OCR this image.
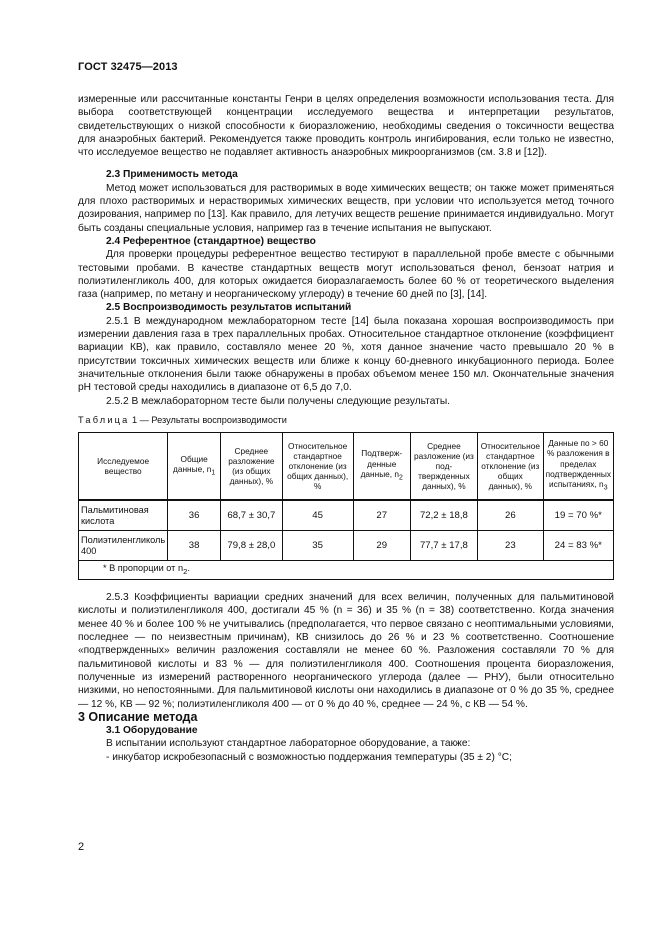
ГОСТ 32475—2013

измеренные или рассчитанные константы Генри в целях определения возможности использования теста. Для выбора соответствующей концентрации исследуемого вещества и интерпретации результатов, свидетельствующих о низкой способности к биоразложению, необходимы сведения о токсичности вещества для анаэробных бактерий. Рекомендуется также проводить контроль ингибирования, если только не известно, что исследуемое вещество не подавляет активность анаэробных микроорганизмов (см. 3.8 и [12]).

2.3 Применимость метода

Метод может использоваться для растворимых в воде химических веществ; он также может применяться для плохо растворимых и нерастворимых химических веществ, при условии что используется метод точного дозирования, например по [13]. Как правило, для летучих веществ решение принимается индивидуально. Могут быть созданы специальные условия, например газ в течение испытания не выпускают.

2.4 Референтное (стандартное) вещество

Для проверки процедуры референтное вещество тестируют в параллельной пробе вместе с обычными тестовыми пробами. В качестве стандартных веществ могут использоваться фенол, бензоат натрия и полиэтиленгликоль 400, для которых ожидается биоразлагаемость более 60 % от теоретического выделения газа (например, по метану и неорганическому углероду) в течение 60 дней по [3], [14].

2.5 Воспроизводимость результатов испытаний

2.5.1 В международном межлабораторном тесте [14] была показана хорошая воспроизводимость при измерении давления газа в трех параллельных пробах. Относительное стандартное отклонение (коэффициент вариации КВ), как правило, составляло менее 20 %, хотя данное значение часто превышало 20 % в присутствии токсичных химических веществ или ближе к концу 60-дневного инкубационного периода. Более значительные отклонения были также обнаружены в пробах объемом менее 150 мл. Окончательные значения pH тестовой среды находились в диапазоне от 6,5 до 7,0.

2.5.2 В межлабораторном тесте были получены следующие результаты.

Таблица 1 — Результаты воспроизводимости
Исследуемое вещество	Общие данные, $n_1$	Среднее разложение (из общих данных), %	Относительное стандартное отклонение (из общих данных), %	Подтверж-денные данные, $n_2$	Среднее разложение (из под-твержденных данных), %	Относительное стандартное отклонение (из общих данных), %	Данные по > 60 % разложения в пределах подтвержденных испытаниях, $n_3$
Пальмитиновая кислота	36	68,7 ± 30,7	45	27	72,2 ± 18,8	26	19 = 70 %*
Полиэтиленгликоль 400	38	79,8 ± 28,0	35	29	77,7 ± 17,8	23	24 = 83 %*
* В пропорции от $n_2$.							

2.5.3 Коэффициенты вариации средних значений для всех величин, полученных для пальмитиновой кислоты и полиэтиленгликоля 400, достигали 45 % (n = 36) и 35 % (n = 38) соответственно. Когда значения менее 40 % и более 100 % не учитывались (предполагается, что первое связано с неоптимальными условиями, последнее — по неизвестным причинам), КВ снизилось до 26 % и 23 % соответственно. Соотношение «подтвержденных» величин разложения составляли не менее 60 %. Разложения составляли 70 % для пальмитиновой кислоты и 83 % — для полиэтиленгликоля 400. Соотношения процента биоразложения, полученные из измерений растворенного неорганического углерода (далее — РНУ), были относительно низкими, но непостоянными. Для пальмитиновой кислоты они находились в диапазоне от 0 % до 35 %, среднее — 12 %, КВ — 92 %; полиэтиленгликоля 400 — от 0 % до 40 %, среднее — 24 %, с КВ — 54 %.

3 Описание метода

3.1 Оборудование

В испытании используют стандартное лабораторное оборудование, а также:

- инкубатор искробезопасный с возможностью поддержания температуры (35 ± 2) °С;

2
